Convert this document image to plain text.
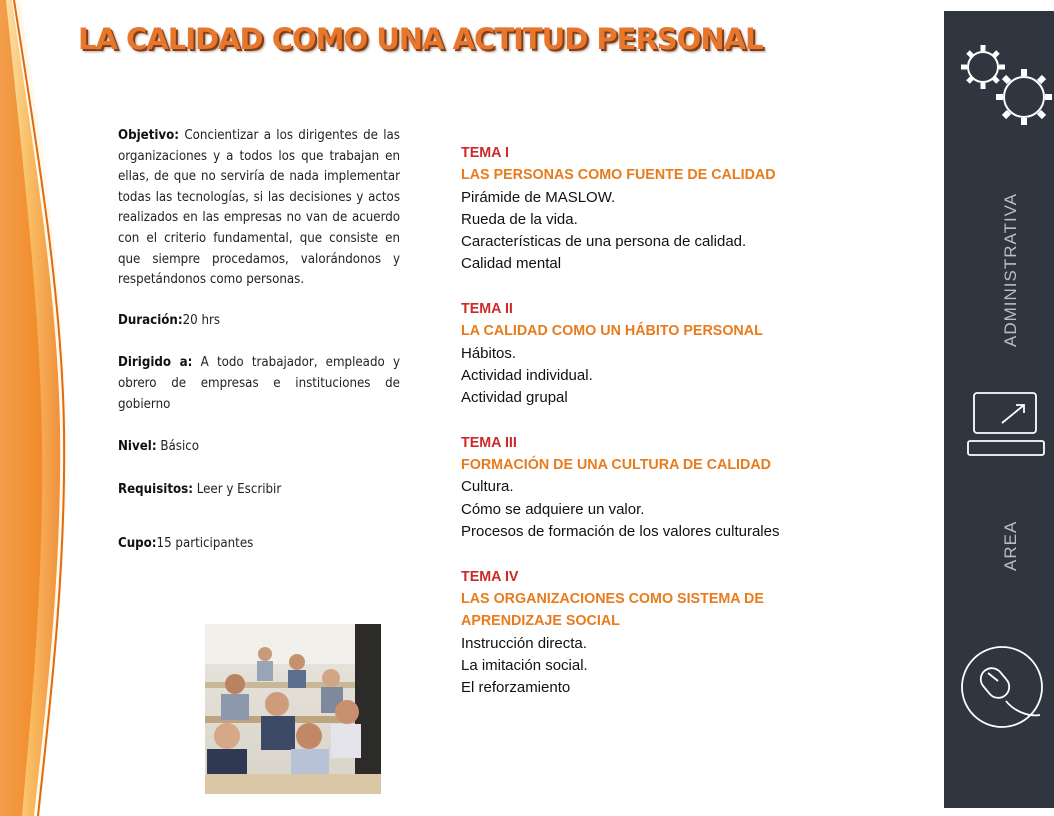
LA CALIDAD COMO UNA ACTITUD PERSONAL

Objetivo: Concientizar a los dirigentes de las organizaciones y a todos los que trabajan en ellas, de que no serviría de nada implementar todas las tecnologías, si las decisiones y actos realizados en las empresas no van de acuerdo con el criterio fundamental, que consiste en que siempre procedamos, valorándonos y respetándonos como personas.

Duración:20 hrs

Dirigido a: A todo trabajador, empleado y obrero de empresas e instituciones de gobierno

Nivel: Básico

Requisitos: Leer y Escribir

Cupo:15 participantes

TEMA I
LAS PERSONAS COMO FUENTE DE CALIDAD
Pirámide de MASLOW.
Rueda de la vida.
Características de una persona de calidad.
Calidad mental
TEMA II
LA CALIDAD COMO UN HÁBITO PERSONAL
Hábitos.
Actividad individual.
Actividad grupal
TEMA III
FORMACIÓN DE UNA CULTURA DE CALIDAD
Cultura.
Cómo se adquiere un valor.
Procesos de formación de los valores culturales
TEMA IV
LAS ORGANIZACIONES COMO SISTEMA DE APRENDIZAJE SOCIAL
Instrucción directa.
La imitación social.
El reforzamiento
ADMINISTRATIVA
AREA
